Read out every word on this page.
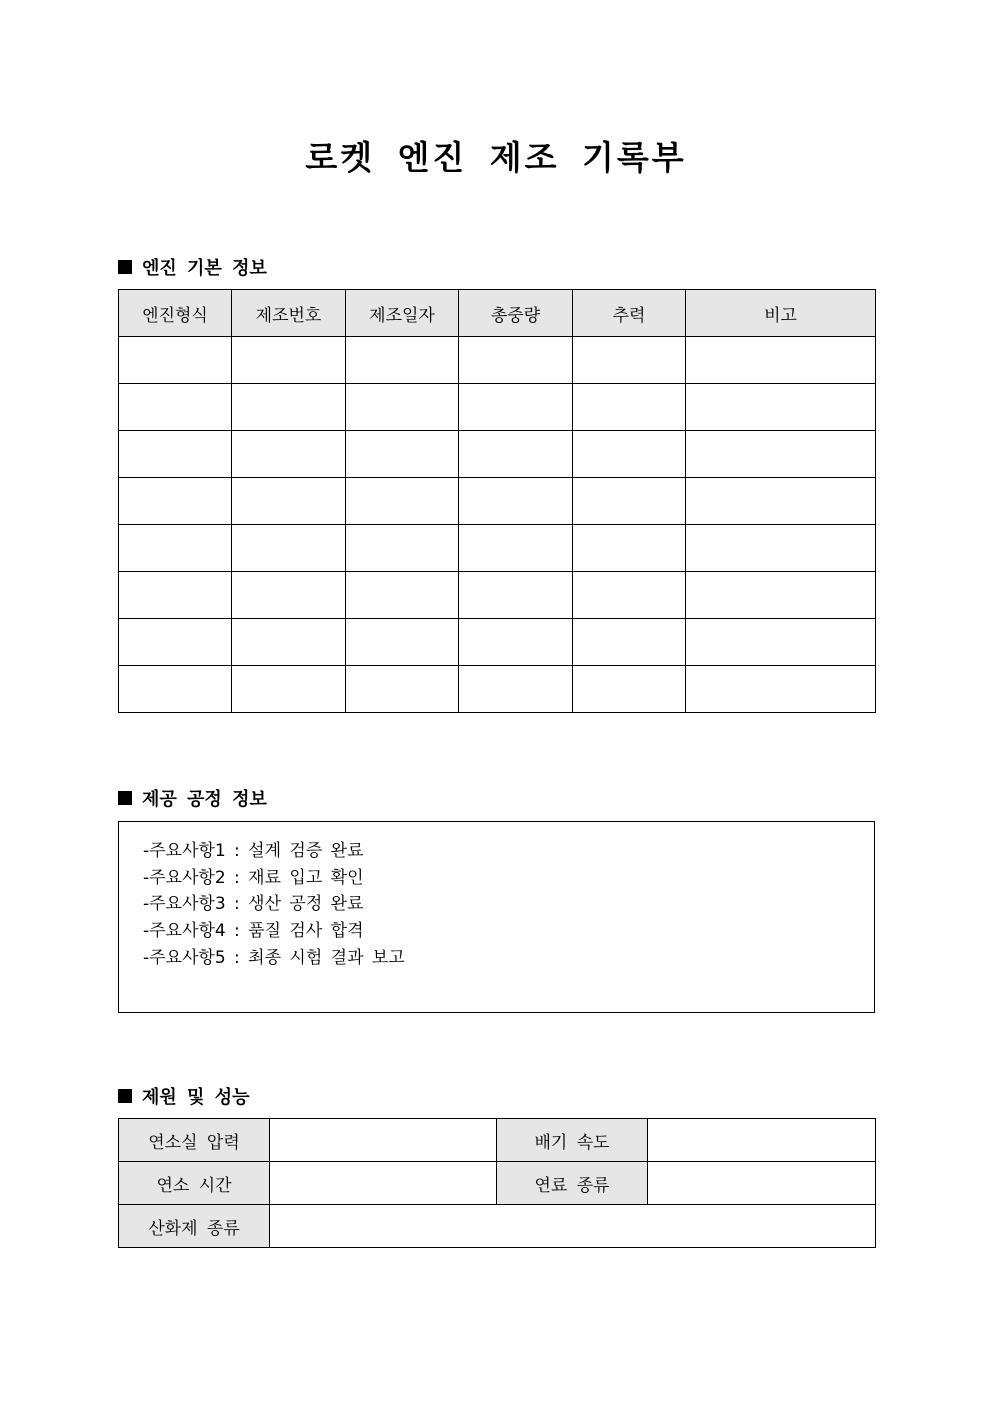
로켓 엔진 제조 기록부
엔진 기본 정보
엔진형식	제조번호	제조일자	총중량	추력	비고

제공 공정 정보
-주요사항1 : 설계 검증 완료
-주요사항2 : 재료 입고 확인
-주요사항3 : 생산 공정 완료
-주요사항4 : 품질 검사 합격
-주요사항5 : 최종 시험 결과 보고
제원 및 성능
연소실 압력		배기 속도	
연소 시간		연료 종류	
산화제 종류			
